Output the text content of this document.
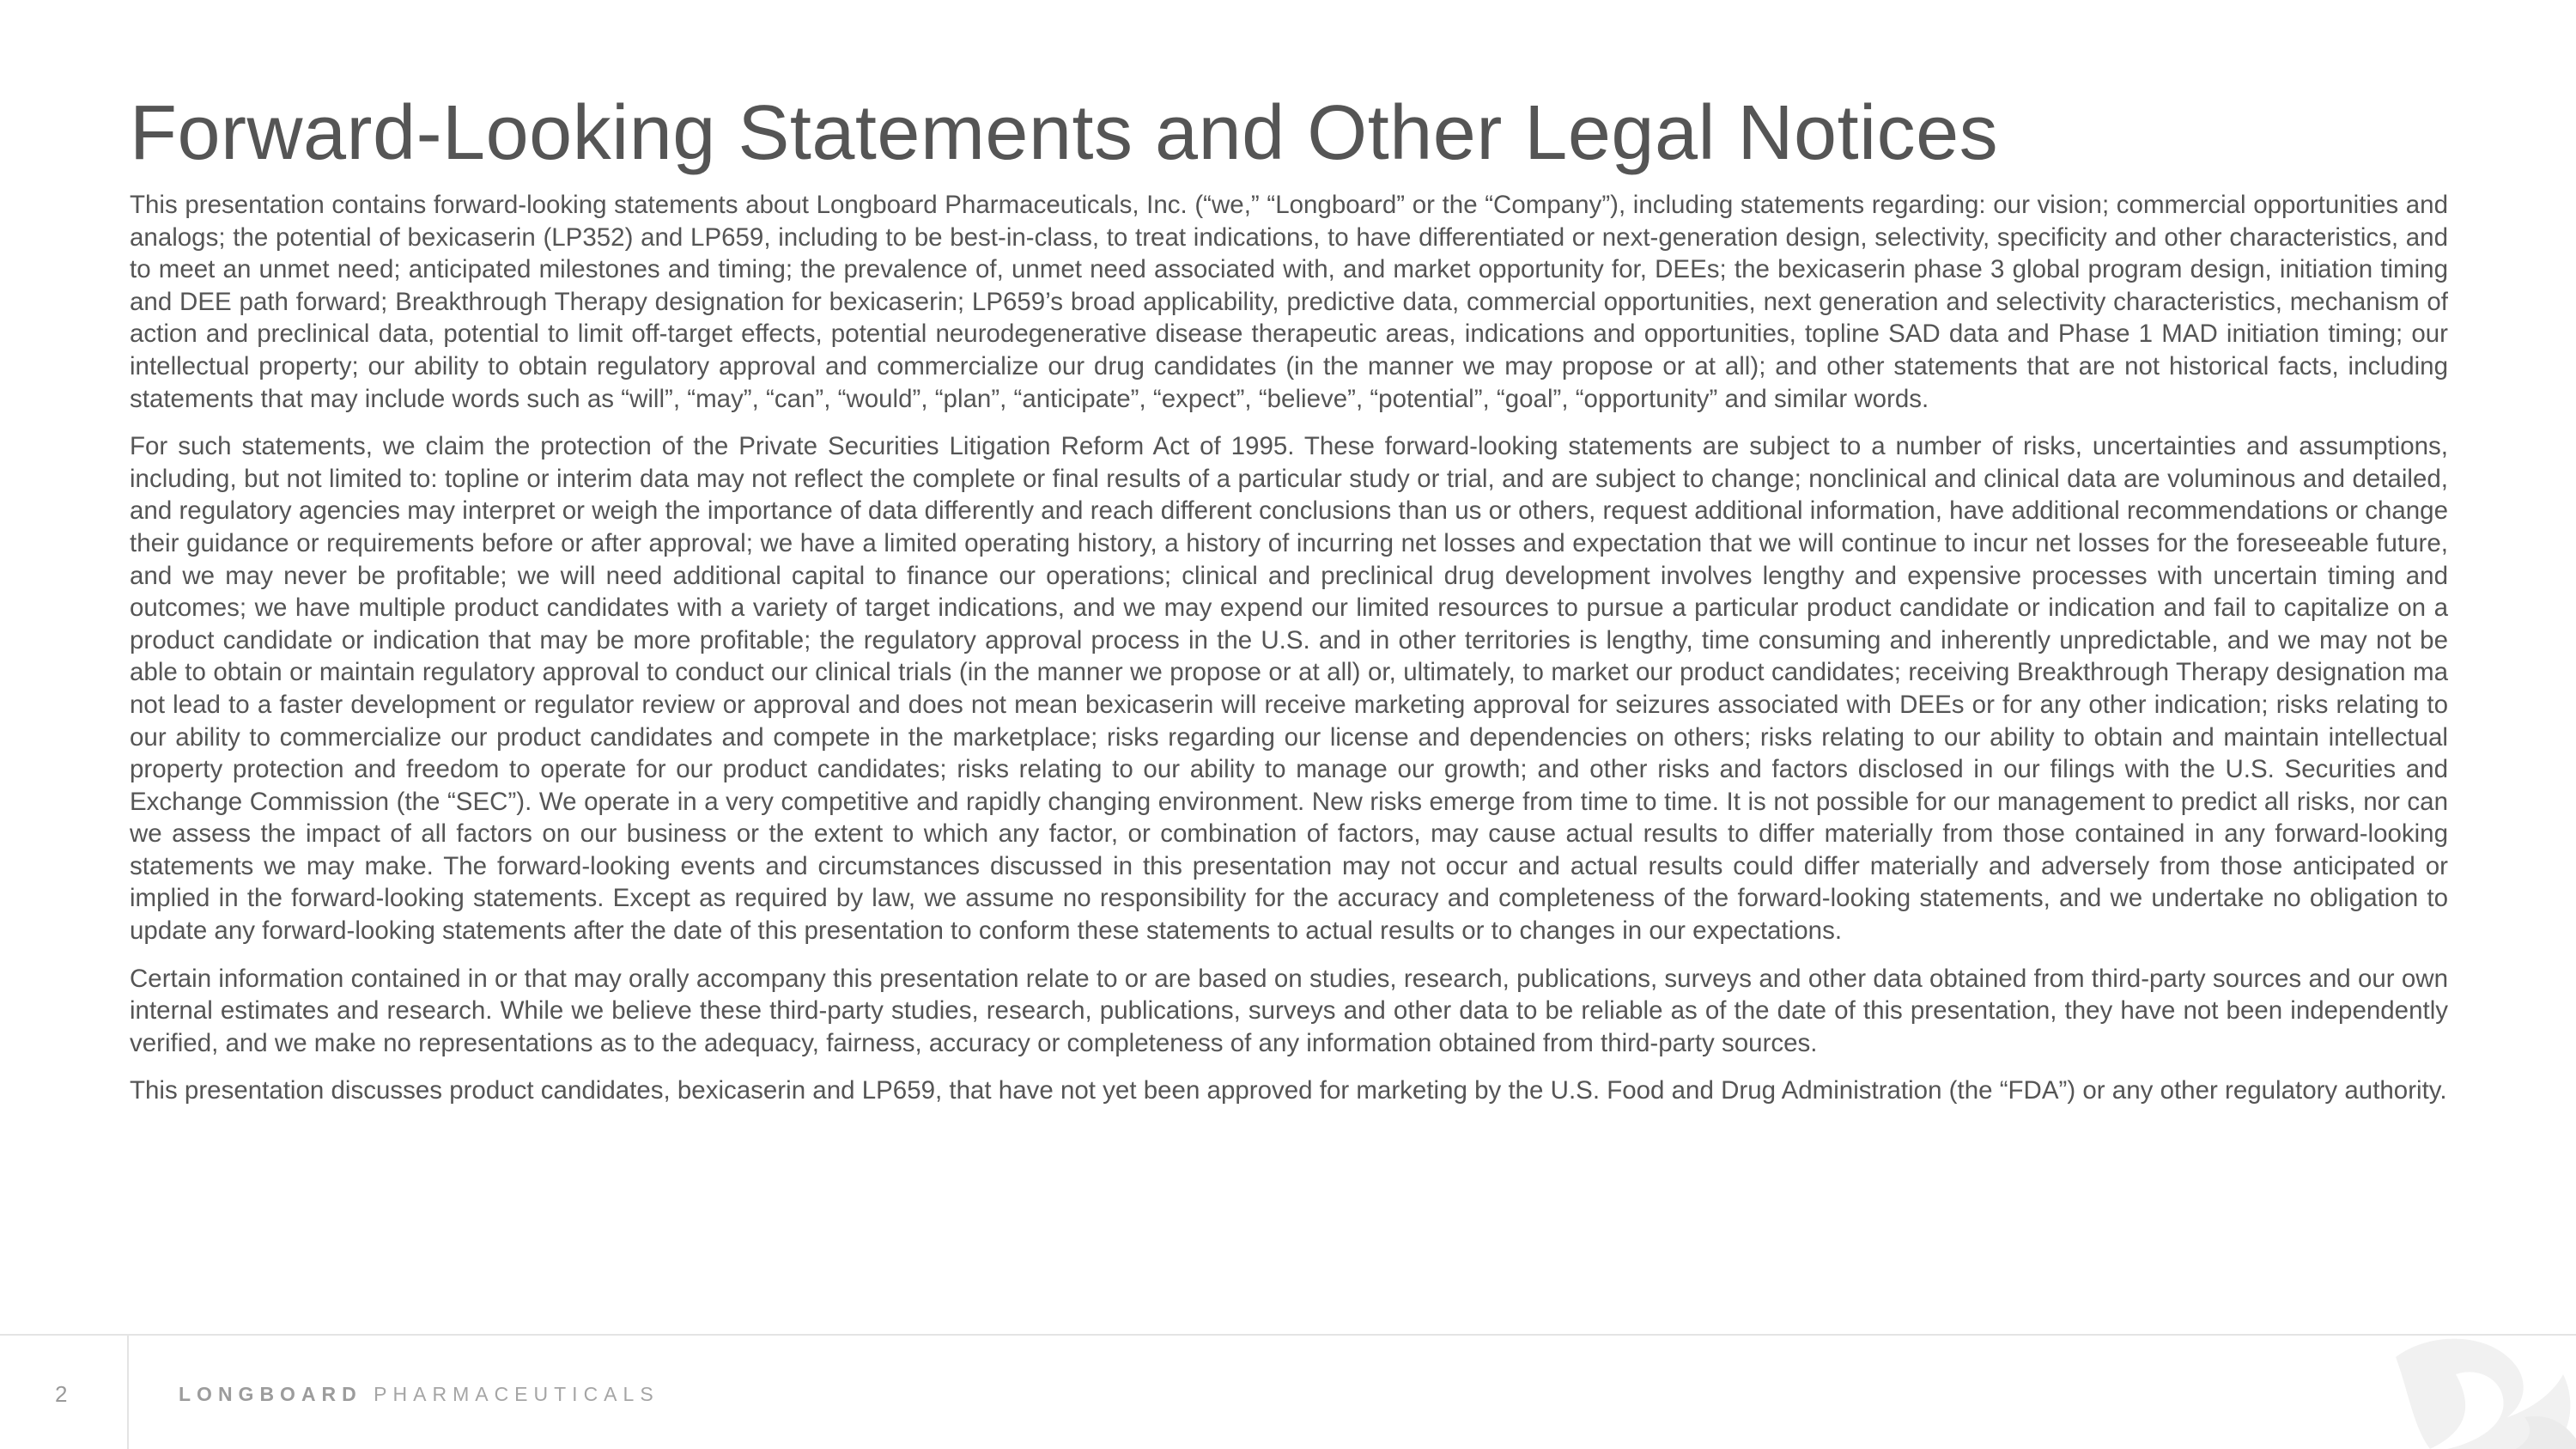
Forward-Looking Statements and Other Legal Notices

This presentation contains forward-looking statements about Longboard Pharmaceuticals, Inc. (“we,” “Longboard” or the “Company”), including statements regarding: our vision; commercial opportunities and analogs; the potential of bexicaserin (LP352) and LP659, including to be best-in-class, to treat indications, to have differentiated or next-generation design, selectivity, specificity and other characteristics, and to meet an unmet need; anticipated milestones and timing; the prevalence of, unmet need associated with, and market opportunity for, DEEs; the bexicaserin phase 3 global program design, initiation timing and DEE path forward; Breakthrough Therapy designation for bexicaserin; LP659’s broad applicability, predictive data, commercial opportunities, next generation and selectivity characteristics, mechanism of action and preclinical data, potential to limit off-target effects, potential neurodegenerative disease therapeutic areas, indications and opportunities, topline SAD data and Phase 1 MAD initiation timing; our intellectual property; our ability to obtain regulatory approval and commercialize our drug candidates (in the manner we may propose or at all); and other statements that are not historical facts, including statements that may include words such as “will”, “may”, “can”, “would”, “plan”, “anticipate”, “expect”, “believe”, “potential”, “goal”, “opportunity” and similar words.

For such statements, we claim the protection of the Private Securities Litigation Reform Act of 1995. These forward-looking statements are subject to a number of risks, uncertainties and assumptions, including, but not limited to: topline or interim data may not reflect the complete or final results of a particular study or trial, and are subject to change; nonclinical and clinical data are voluminous and detailed, and regulatory agencies may interpret or weigh the importance of data differently and reach different conclusions than us or others, request additional information, have additional recommendations or change their guidance or requirements before or after approval; we have a limited operating history, a history of incurring net losses and expectation that we will continue to incur net losses for the foreseeable future, and we may never be profitable; we will need additional capital to finance our operations; clinical and preclinical drug development involves lengthy and expensive processes with uncertain timing and outcomes; we have multiple product candidates with a variety of target indications, and we may expend our limited resources to pursue a particular product candidate or indication and fail to capitalize on a product candidate or indication that may be more profitable; the regulatory approval process in the U.S. and in other territories is lengthy, time consuming and inherently unpredictable, and we may not be able to obtain or maintain regulatory approval to conduct our clinical trials (in the manner we propose or at all) or, ultimately, to market our product candidates; receiving Breakthrough Therapy designation ma not lead to a faster development or regulator review or approval and does not mean bexicaserin will receive marketing approval for seizures associated with DEEs or for any other indication; risks relating to our ability to commercialize our product candidates and compete in the marketplace; risks regarding our license and dependencies on others; risks relating to our ability to obtain and maintain intellectual property protection and freedom to operate for our product candidates; risks relating to our ability to manage our growth; and other risks and factors disclosed in our filings with the U.S. Securities and Exchange Commission (the “SEC”). We operate in a very competitive and rapidly changing environment. New risks emerge from time to time. It is not possible for our management to predict all risks, nor can we assess the impact of all factors on our business or the extent to which any factor, or combination of factors, may cause actual results to differ materially from those contained in any forward-looking statements we may make. The forward-looking events and circumstances discussed in this presentation may not occur and actual results could differ materially and adversely from those anticipated or implied in the forward-looking statements. Except as required by law, we assume no responsibility for the accuracy and completeness of the forward-looking statements, and we undertake no obligation to update any forward-looking statements after the date of this presentation to conform these statements to actual results or to changes in our expectations.

Certain information contained in or that may orally accompany this presentation relate to or are based on studies, research, publications, surveys and other data obtained from third-party sources and our own internal estimates and research. While we believe these third-party studies, research, publications, surveys and other data to be reliable as of the date of this presentation, they have not been independently verified, and we make no representations as to the adequacy, fairness, accuracy or completeness of any information obtained from third-party sources.

This presentation discusses product candidates, bexicaserin and LP659, that have not yet been approved for marketing by the U.S. Food and Drug Administration (the “FDA”) or any other regulatory authority.

2	LONGBOARD PHARMACEUTICALS
